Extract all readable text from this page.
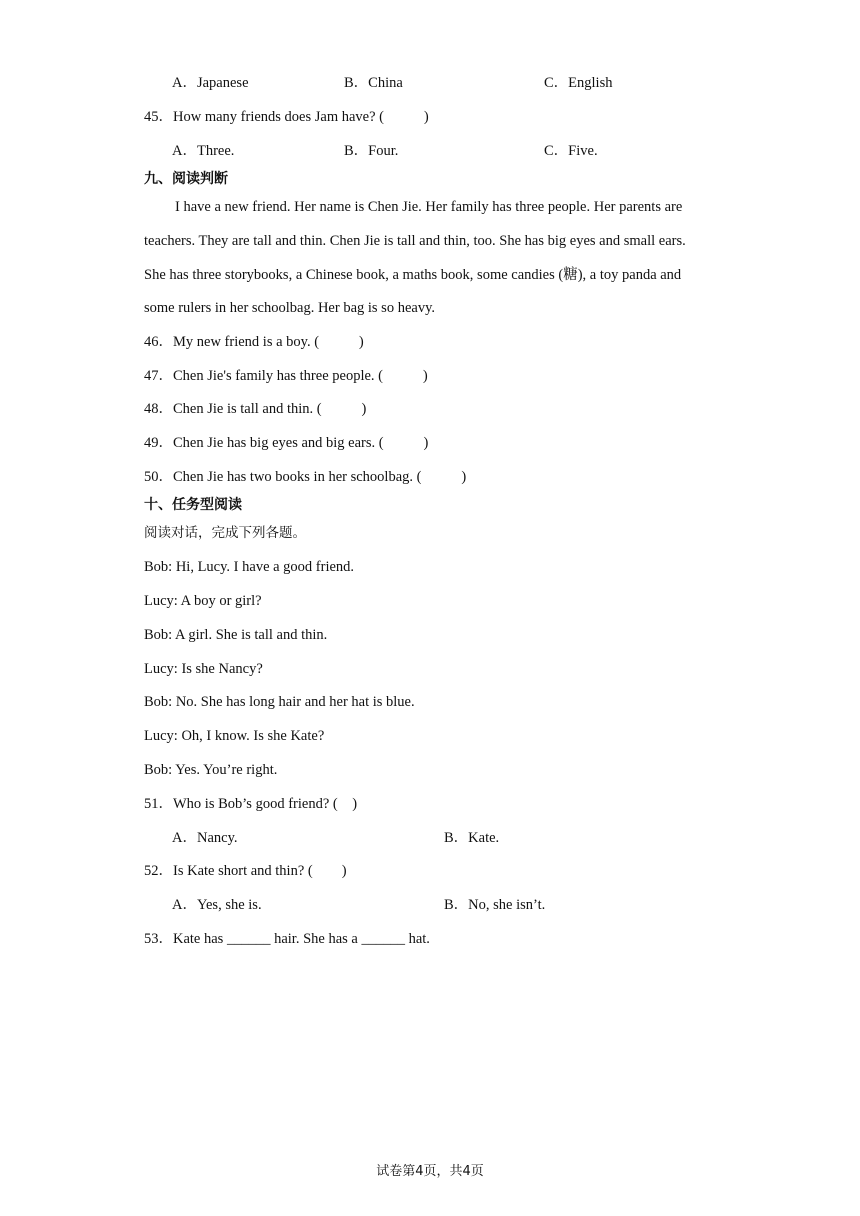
A．Japanese	B．China	C．English
45．How many friends does Jam have? (           )
A．Three.	B．Four.	C．Five.
九、阅读判断
I have a new friend. Her name is Chen Jie. Her family has three people. Her parents are
teachers. They are tall and thin. Chen Jie is tall and thin, too. She has big eyes and small ears.
She has three storybooks, a Chinese book, a maths book, some candies (糖), a toy panda and
some rulers in her schoolbag. Her bag is so heavy.
46．My new friend is a boy. (           )
47．Chen Jie's family has three people. (           )
48．Chen Jie is tall and thin. (           )
49．Chen Jie has big eyes and big ears. (           )
50．Chen Jie has two books in her schoolbag. (           )
十、任务型阅读
阅读对话，完成下列各题。
Bob: Hi, Lucy. I have a good friend.
Lucy: A boy or girl?
Bob: A girl. She is tall and thin.
Lucy: Is she Nancy?
Bob: No. She has long hair and her hat is blue.
Lucy: Oh, I know. Is she Kate?
Bob: Yes. You’re right.
51．Who is Bob’s good friend? (    )
A．Nancy.	B．Kate.
52．Is Kate short and thin? (        )
A．Yes, she is.	B．No, she isn’t.
53．Kate has ______ hair. She has a ______ hat.
试卷第4页，共4页
